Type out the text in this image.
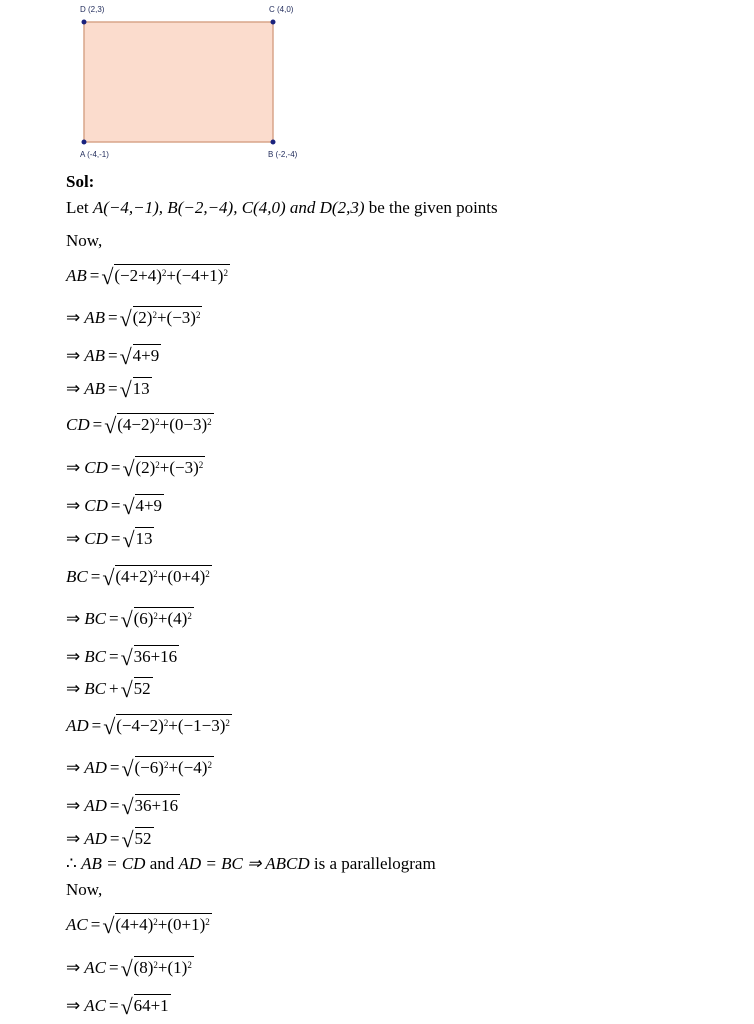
D (2,3)	C (4,0)
A (-4,-1)	B (-2,-4)
Sol:
Let A(−4,−1), B(−2,−4), C(4,0) and D(2,3) be the given points
Now,
AB = √ $(-2+4)^2+(-4+1)^2$
⇒ AB = √ $(2)^2+(-3)^2$
⇒ AB = √ 4+9
⇒ AB = √ 13
CD = √ $(4-2)^2+(0-3)^2$
⇒ CD = √ $(2)^2+(-3)^2$
⇒ CD = √ 4+9
⇒ CD = √ 13
BC = √ $(4+2)^2+(0+4)^2$
⇒ BC = √ $(6)^2+(4)^2$
⇒ BC = √ 36+16
⇒ BC + √ 52
AD = √ $(-4-2)^2+(-1-3)^2$
⇒ AD = √ $(-6)^2+(-4)^2$
⇒ AD = √ 36+16
⇒ AD = √ 52
∴ AB = CD and AD = BC ⇒ ABCD is a parallelogram
Now,
AC = √ $(4+4)^2+(0+1)^2$
⇒ AC = √ $(8)^2+(1)^2$
⇒ AC = √ 64+1
